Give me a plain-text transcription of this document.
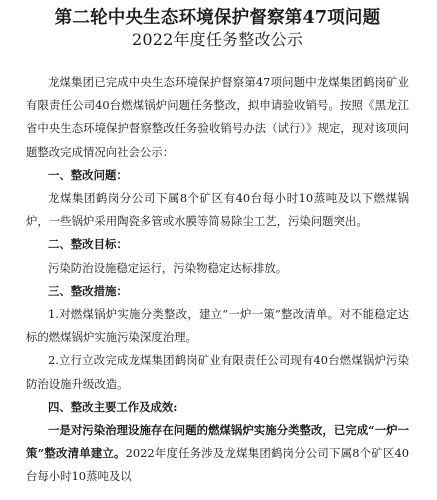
第二轮中央生态环境保护督察第47项问题
2022年度任务整改公示

龙煤集团已完成中央生态环境保护督察第47项问题中龙煤集团鹤岗矿业有限责任公司40台燃煤锅炉问题任务整改，拟申请验收销号。按照《黑龙江省中央生态环境保护督察整改任务验收销号办法（试行）》规定，现对该项问题整改完成情况向社会公示：

一、整改问题：

龙煤集团鹤岗分公司下属8个矿区有40台每小时10蒸吨及以下燃煤锅炉，一些锅炉采用陶瓷多管或水膜等简易除尘工艺，污染问题突出。

二、整改目标：

污染防治设施稳定运行，污染物稳定达标排放。

三、整改措施：

1.对燃煤锅炉实施分类整改，建立“一炉一策”整改清单。对不能稳定达标的燃煤锅炉实施污染深度治理。

2.立行立改完成龙煤集团鹤岗矿业有限责任公司现有40台燃煤锅炉污染防治设施升级改造。

四、整改主要工作及成效:

一是对污染治理设施存在问题的燃煤锅炉实施分类整改，已完成“一炉一策”整改清单建立。2022年度任务涉及龙煤集团鹤岗分公司下属8个矿区40台每小时10蒸吨及以
